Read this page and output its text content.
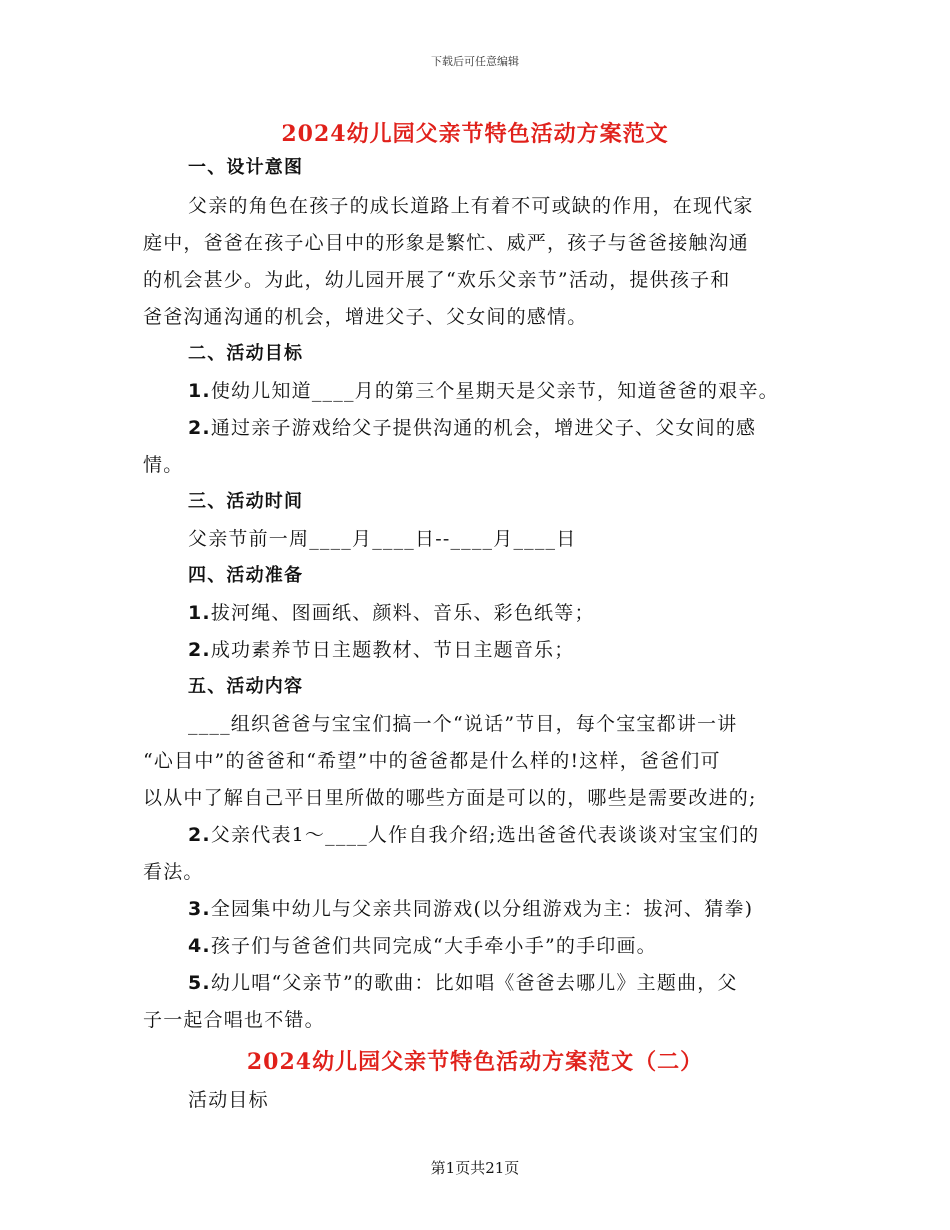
下载后可任意编辑
2024幼儿园父亲节特色活动方案范文
一、设计意图
父亲的角色在孩子的成长道路上有着不可或缺的作用，在现代家
庭中，爸爸在孩子心目中的形象是繁忙、威严，孩子与爸爸接触沟通
的机会甚少。为此，幼儿园开展了“欢乐父亲节”活动，提供孩子和
爸爸沟通沟通的机会，增进父子、父女间的感情。
二、活动目标
1.使幼儿知道____月的第三个星期天是父亲节，知道爸爸的艰辛。
2.通过亲子游戏给父子提供沟通的机会，增进父子、父女间的感
情。
三、活动时间
父亲节前一周____月____日--____月____日
四、活动准备
1.拔河绳、图画纸、颜料、音乐、彩色纸等；
2.成功素养节日主题教材、节日主题音乐；
五、活动内容
____组织爸爸与宝宝们搞一个“说话”节目，每个宝宝都讲一讲
“心目中”的爸爸和“希望”中的爸爸都是什么样的!这样，爸爸们可
以从中了解自己平日里所做的哪些方面是可以的，哪些是需要改进的;
2.父亲代表1～____人作自我介绍;选出爸爸代表谈谈对宝宝们的
看法。
3.全园集中幼儿与父亲共同游戏(以分组游戏为主：拔河、猜拳)
4.孩子们与爸爸们共同完成“大手牵小手”的手印画。
5.幼儿唱“父亲节”的歌曲：比如唱《爸爸去哪儿》主题曲，父
子一起合唱也不错。
2024幼儿园父亲节特色活动方案范文（二）
活动目标
第1页共21页
